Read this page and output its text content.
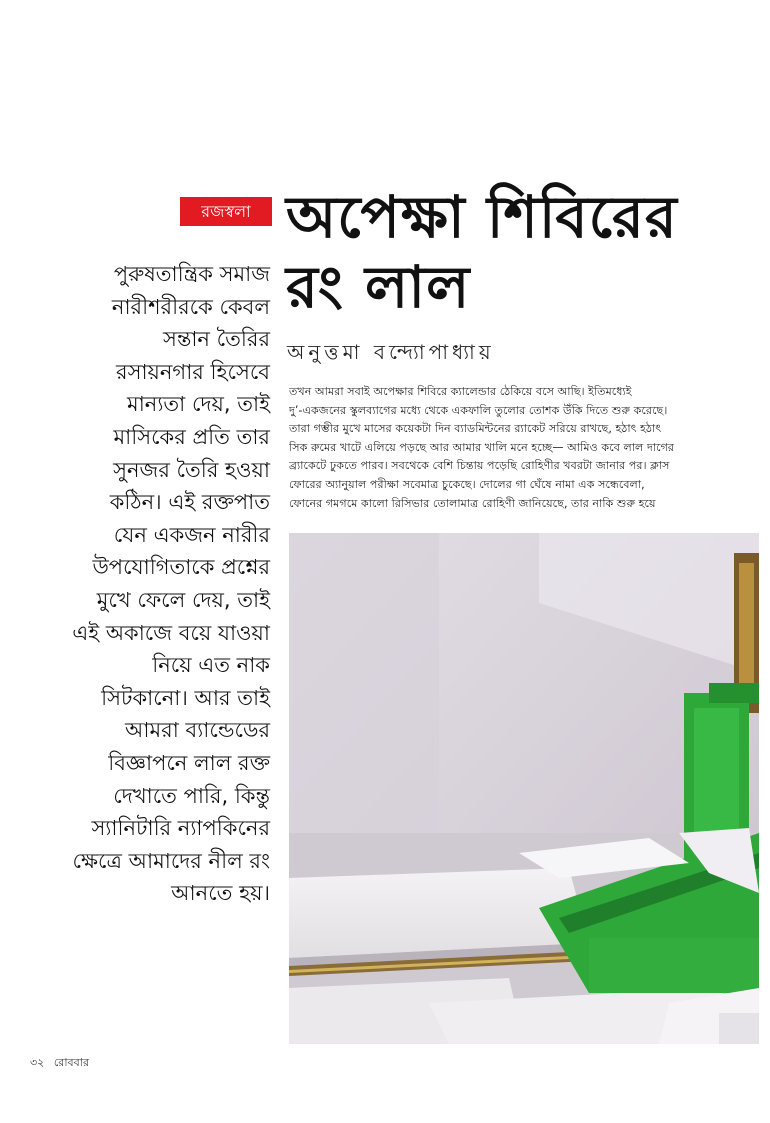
রজস্বলা অপেক্ষা শিবিরের
রং লাল
অনুত্তমা বন্দ্যোপাধ্যায়
পুরুষতান্ত্রিক সমাজ
নারীশরীরকে কেবল
সন্তান তৈরির
রসায়নগার হিসেবে
মান্যতা দেয়, তাই
মাসিকের প্রতি তার
সুনজর তৈরি হওয়া
কঠিন। এই রক্তপাত
যেন একজন নারীর
উপযোগিতাকে প্রশ্নের
মুখে ফেলে দেয়, তাই
এই অকাজে বয়ে যাওয়া
নিয়ে এত নাক
সিটকানো। আর তাই
আমরা ব্যান্ডেডের
বিজ্ঞাপনে লাল রক্ত
দেখাতে পারি, কিন্তু
স্যানিটারি ন্যাপকিনের
ক্ষেত্রে আমাদের নীল রং
আনতে হয়।
তখন আমরা সবাই অপেক্ষার শিবিরে ক্যালেন্ডার ঠেকিয়ে বসে আছি। ইতিমধ্যেই
দু’-একজনের স্কুলব্যাগের মধ্যে থেকে একফালি তুলোর তোশক উঁকি দিতে শুরু করেছে।
তারা গম্ভীর মুখে মাসের কয়েকটা দিন ব্যাডমিন্টনের র‍্যাকেট সরিয়ে রাখছে, হঠাৎ হঠাৎ
সিক রুমের খাটে এলিয়ে পড়ছে আর আমার খালি মনে হচ্ছে— আমিও কবে লাল দাগের
ব্র্যাকেটে ঢুকতে পারব। সবথেকে বেশি চিন্তায় পড়েছি রোহিণীর খবরটা জানার পর। ক্লাস
ফোরের অ্যানুয়াল পরীক্ষা সবেমাত্র চুকেছে। দোলের গা ঘেঁষে নামা এক সন্ধেবেলা,
ফোনের গমগমে কালো রিসিভার তোলামাত্র রোহিণী জানিয়েছে, তার নাকি শুরু হয়ে
৩২ রোববার
